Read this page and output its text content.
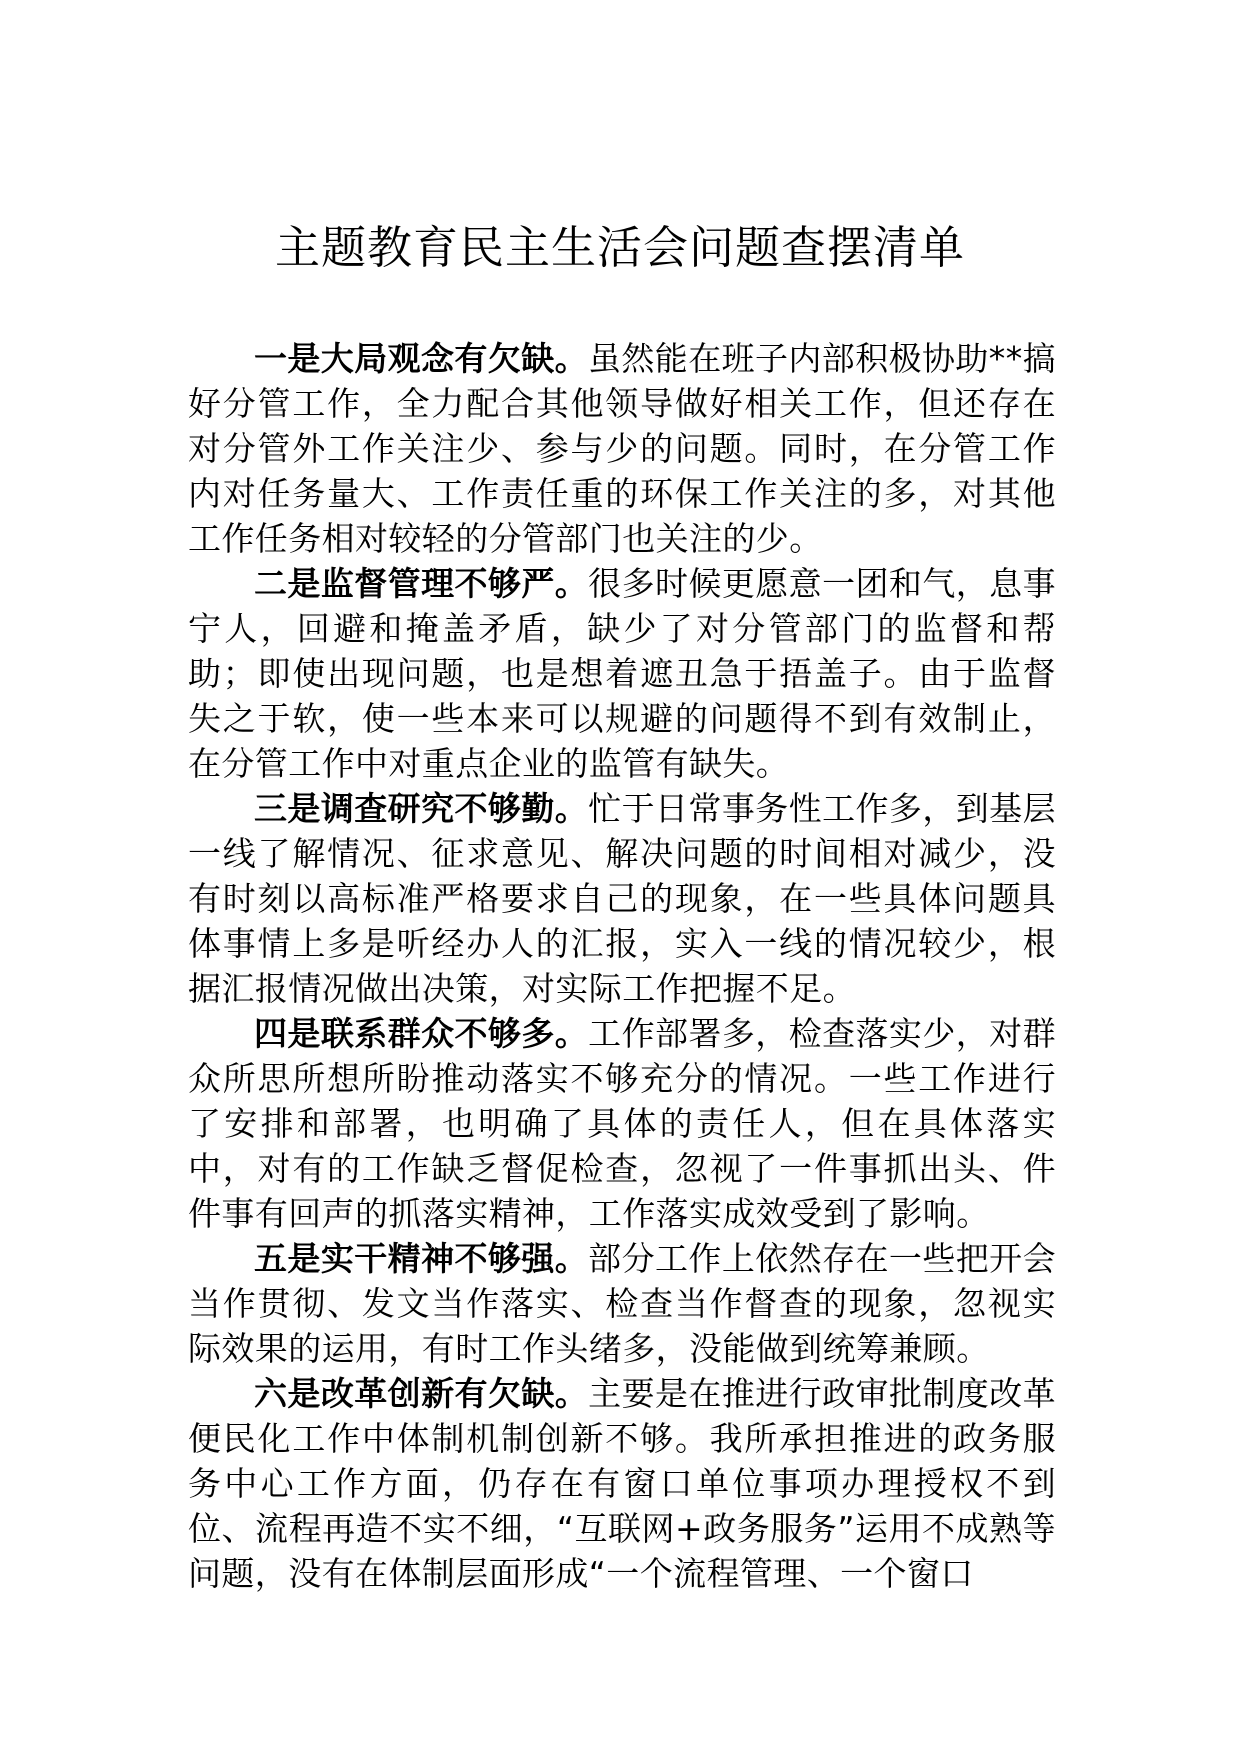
主题教育民主生活会问题查摆清单

一是大局观念有欠缺。虽然能在班子内部积极协助**搞好分管工作，全力配合其他领导做好相关工作，但还存在对分管外工作关注少、参与少的问题。同时，在分管工作内对任务量大、工作责任重的环保工作关注的多，对其他工作任务相对较轻的分管部门也关注的少。

二是监督管理不够严。很多时候更愿意一团和气，息事宁人，回避和掩盖矛盾，缺少了对分管部门的监督和帮助；即使出现问题，也是想着遮丑急于捂盖子。由于监督失之于软，使一些本来可以规避的问题得不到有效制止，在分管工作中对重点企业的监管有缺失。

三是调查研究不够勤。忙于日常事务性工作多，到基层一线了解情况、征求意见、解决问题的时间相对减少，没有时刻以高标准严格要求自己的现象，在一些具体问题具体事情上多是听经办人的汇报，实入一线的情况较少，根据汇报情况做出决策，对实际工作把握不足。

四是联系群众不够多。工作部署多，检查落实少，对群众所思所想所盼推动落实不够充分的情况。一些工作进行了安排和部署，也明确了具体的责任人，但在具体落实中，对有的工作缺乏督促检查，忽视了一件事抓出头、件件事有回声的抓落实精神，工作落实成效受到了影响。

五是实干精神不够强。部分工作上依然存在一些把开会当作贯彻、发文当作落实、检查当作督查的现象，忽视实际效果的运用，有时工作头绪多，没能做到统筹兼顾。

六是改革创新有欠缺。主要是在推进行政审批制度改革便民化工作中体制机制创新不够。我所承担推进的政务服务中心工作方面，仍存在有窗口单位事项办理授权不到位、流程再造不实不细，“互联网+政务服务”运用不成熟等问题，没有在体制层面形成“一个流程管理、一个窗口
